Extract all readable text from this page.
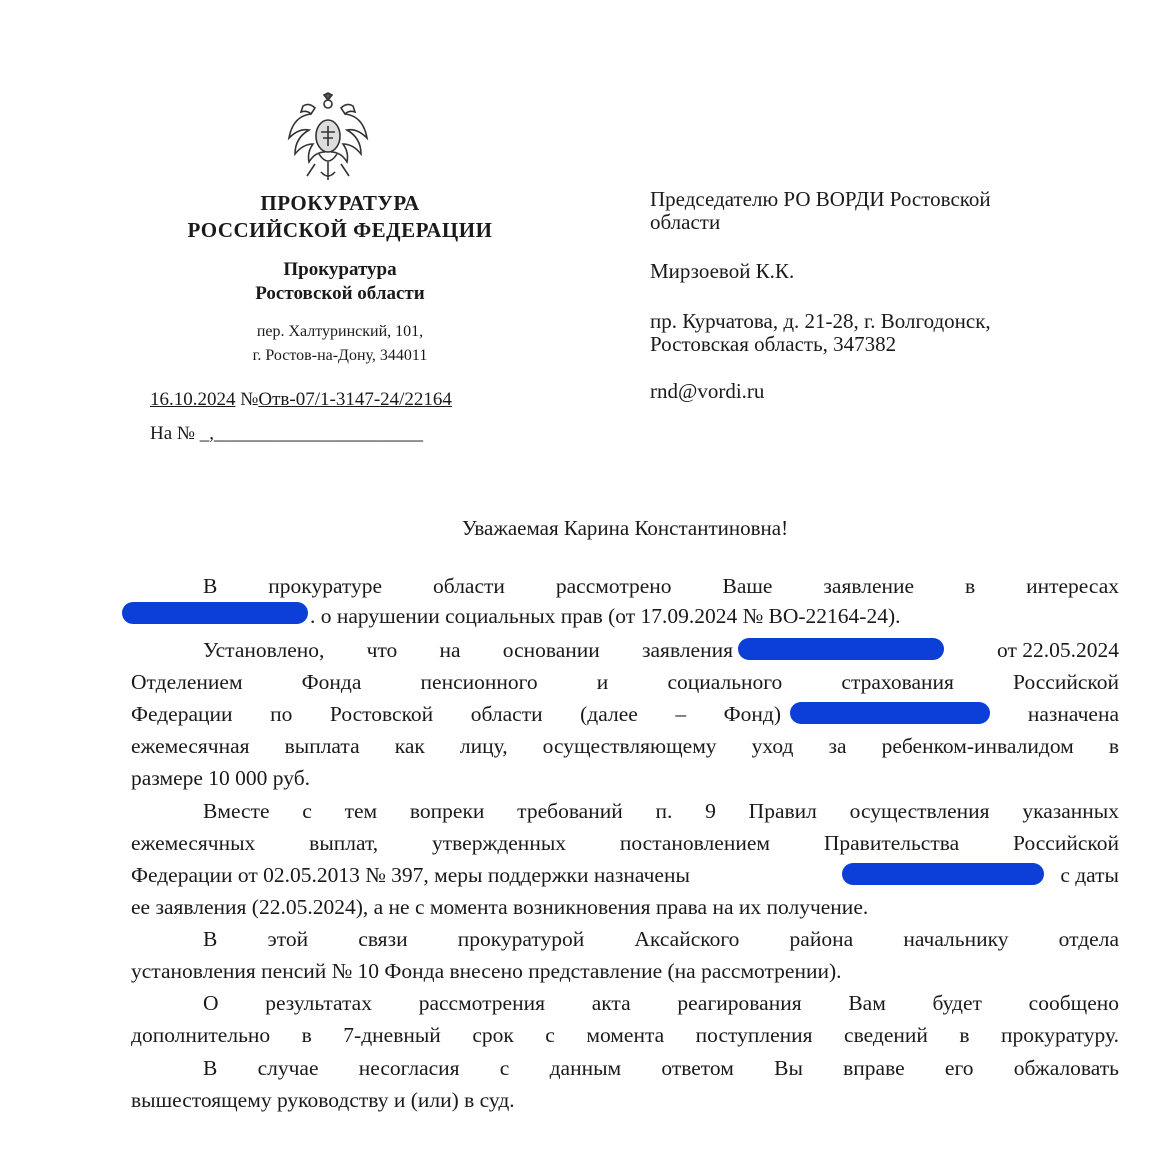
ПРОКУРАТУРА
РОССИЙСКОЙ ФЕДЕРАЦИИ
Прокуратура
Ростовской области
пер. Халтуринский, 101,
г. Ростов-на-Дону, 344011
16.10.2024 №Отв-07/1-3147-24/22164
На № _,______________________
Председателю РО ВОРДИ Ростовской
области
Мирзоевой К.К.
пр. Курчатова, д. 21-28, г. Волгодонск,
Ростовская область, 347382
rnd@vordi.ru
Уважаемая Карина Константиновна!
В прокуратуре области рассмотрено Ваше заявление в интересах
. о нарушении социальных прав (от 17.09.2024 № ВО-22164-24).
Установлено, что на основании заявления	от 22.05.2024
Отделением Фонда пенсионного и социального страхования Российской
Федерации по Ростовской области (далее – Фонд)	назначена
ежемесячная выплата как лицу, осуществляющему уход за ребенком-инвалидом в
размере 10 000 руб.
Вместе с тем вопреки требований п. 9 Правил осуществления указанных
ежемесячных выплат, утвержденных постановлением Правительства Российской
Федерации от 02.05.2013 № 397, меры поддержки назначены	с даты
ее заявления (22.05.2024), а не с момента возникновения права на их получение.
В этой связи прокуратурой Аксайского района начальнику отдела
установления пенсий № 10 Фонда внесено представление (на рассмотрении).
О результатах рассмотрения акта реагирования Вам будет сообщено
дополнительно в 7-дневный срок с момента поступления сведений в прокуратуру.
В случае несогласия с данным ответом Вы вправе его обжаловать
вышестоящему руководству и (или) в суд.
